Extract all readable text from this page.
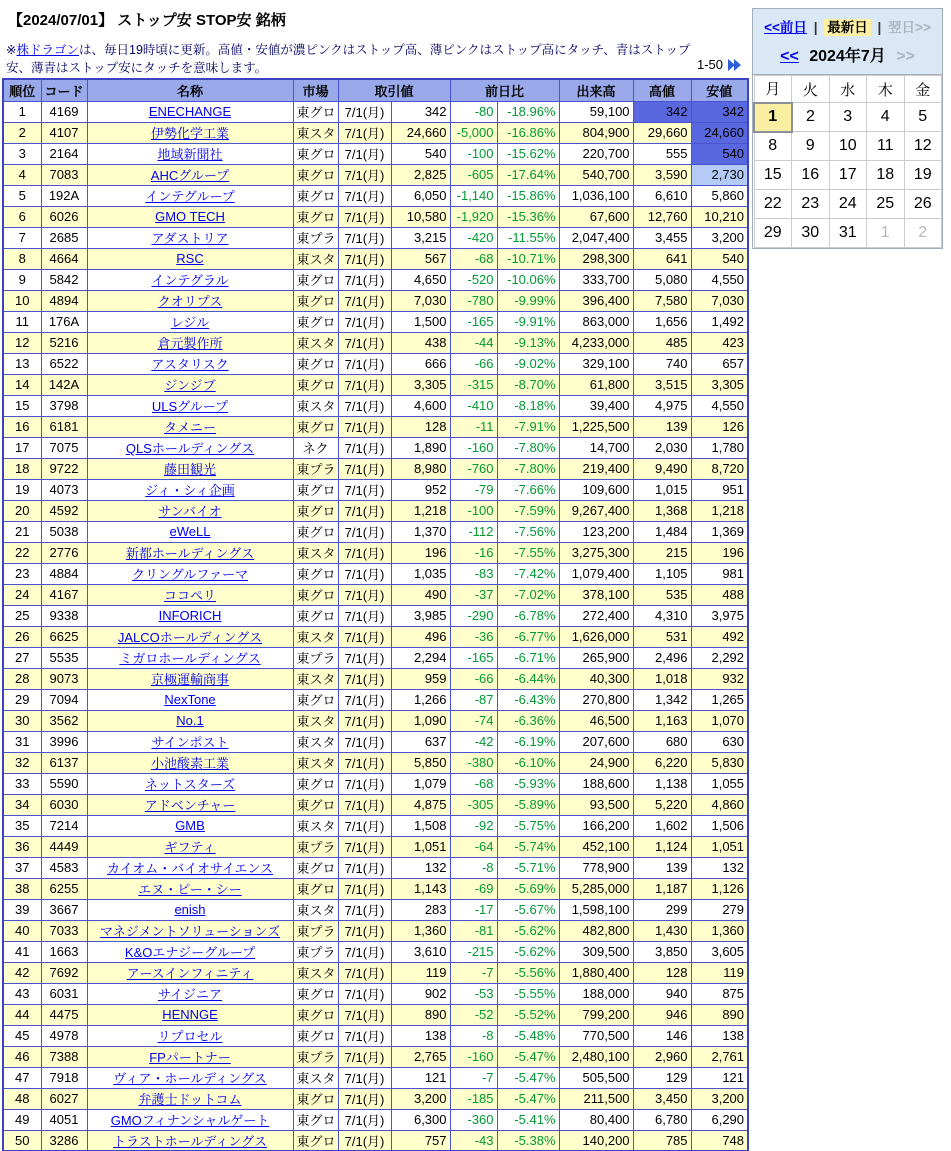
【2024/07/01】 ストップ安 STOP安 銘柄
※株ドラゴンは、毎日19時頃に更新。高値・安値が濃ピンクはストップ高、薄ピンクはストップ高にタッチ、青はストップ安、薄青はストップ安にタッチを意味します。	1-50
順位	コード	名称	市場	取引値		前日比		出来高	高値	安値
1	4169	ENECHANGE	東グロ	7/1(月)	342	-80	-18.96%	59,100	342	342
2	4107	伊勢化学工業	東スタ	7/1(月)	24,660	-5,000	-16.86%	804,900	29,660	24,660
3	2164	地域新聞社	東グロ	7/1(月)	540	-100	-15.62%	220,700	555	540
4	7083	AHCグループ	東グロ	7/1(月)	2,825	-605	-17.64%	540,700	3,590	2,730
5	192A	インテグループ	東グロ	7/1(月)	6,050	-1,140	-15.86%	1,036,100	6,610	5,860
6	6026	GMO TECH	東グロ	7/1(月)	10,580	-1,920	-15.36%	67,600	12,760	10,210
7	2685	アダストリア	東プラ	7/1(月)	3,215	-420	-11.55%	2,047,400	3,455	3,200
8	4664	RSC	東スタ	7/1(月)	567	-68	-10.71%	298,300	641	540
9	5842	インテグラル	東グロ	7/1(月)	4,650	-520	-10.06%	333,700	5,080	4,550
10	4894	クオリプス	東グロ	7/1(月)	7,030	-780	-9.99%	396,400	7,580	7,030
11	176A	レジル	東グロ	7/1(月)	1,500	-165	-9.91%	863,000	1,656	1,492
12	5216	倉元製作所	東スタ	7/1(月)	438	-44	-9.13%	4,233,000	485	423
13	6522	アスタリスク	東グロ	7/1(月)	666	-66	-9.02%	329,100	740	657
14	142A	ジンジブ	東グロ	7/1(月)	3,305	-315	-8.70%	61,800	3,515	3,305
15	3798	ULSグループ	東スタ	7/1(月)	4,600	-410	-8.18%	39,400	4,975	4,550
16	6181	タメニー	東グロ	7/1(月)	128	-11	-7.91%	1,225,500	139	126
17	7075	QLSホールディングス	ネク	7/1(月)	1,890	-160	-7.80%	14,700	2,030	1,780
18	9722	藤田観光	東プラ	7/1(月)	8,980	-760	-7.80%	219,400	9,490	8,720
19	4073	ジィ・シィ企画	東グロ	7/1(月)	952	-79	-7.66%	109,600	1,015	951
20	4592	サンバイオ	東グロ	7/1(月)	1,218	-100	-7.59%	9,267,400	1,368	1,218
21	5038	eWeLL	東グロ	7/1(月)	1,370	-112	-7.56%	123,200	1,484	1,369
22	2776	新都ホールディングス	東スタ	7/1(月)	196	-16	-7.55%	3,275,300	215	196
23	4884	クリングルファーマ	東グロ	7/1(月)	1,035	-83	-7.42%	1,079,400	1,105	981
24	4167	ココペリ	東グロ	7/1(月)	490	-37	-7.02%	378,100	535	488
25	9338	INFORICH	東グロ	7/1(月)	3,985	-290	-6.78%	272,400	4,310	3,975
26	6625	JALCOホールディングス	東スタ	7/1(月)	496	-36	-6.77%	1,626,000	531	492
27	5535	ミガロホールディングス	東プラ	7/1(月)	2,294	-165	-6.71%	265,900	2,496	2,292
28	9073	京極運輸商事	東スタ	7/1(月)	959	-66	-6.44%	40,300	1,018	932
29	7094	NexTone	東グロ	7/1(月)	1,266	-87	-6.43%	270,800	1,342	1,265
30	3562	No.1	東スタ	7/1(月)	1,090	-74	-6.36%	46,500	1,163	1,070
31	3996	サインポスト	東スタ	7/1(月)	637	-42	-6.19%	207,600	680	630
32	6137	小池酸素工業	東スタ	7/1(月)	5,850	-380	-6.10%	24,900	6,220	5,830
33	5590	ネットスターズ	東グロ	7/1(月)	1,079	-68	-5.93%	188,600	1,138	1,055
34	6030	アドベンチャー	東グロ	7/1(月)	4,875	-305	-5.89%	93,500	5,220	4,860
35	7214	GMB	東スタ	7/1(月)	1,508	-92	-5.75%	166,200	1,602	1,506
36	4449	ギフティ	東プラ	7/1(月)	1,051	-64	-5.74%	452,100	1,124	1,051
37	4583	カイオム・バイオサイエンス	東グロ	7/1(月)	132	-8	-5.71%	778,900	139	132
38	6255	エヌ・ピー・シー	東グロ	7/1(月)	1,143	-69	-5.69%	5,285,000	1,187	1,126
39	3667	enish	東スタ	7/1(月)	283	-17	-5.67%	1,598,100	299	279
40	7033	マネジメントソリューションズ	東プラ	7/1(月)	1,360	-81	-5.62%	482,800	1,430	1,360
41	1663	K&Oエナジーグループ	東プラ	7/1(月)	3,610	-215	-5.62%	309,500	3,850	3,605
42	7692	アースインフィニティ	東スタ	7/1(月)	119	-7	-5.56%	1,880,400	128	119
43	6031	サイジニア	東グロ	7/1(月)	902	-53	-5.55%	188,000	940	875
44	4475	HENNGE	東グロ	7/1(月)	890	-52	-5.52%	799,200	946	890
45	4978	リプロセル	東グロ	7/1(月)	138	-8	-5.48%	770,500	146	138
46	7388	FPパートナー	東プラ	7/1(月)	2,765	-160	-5.47%	2,480,100	2,960	2,761
47	7918	ヴィア・ホールディングス	東スタ	7/1(月)	121	-7	-5.47%	505,500	129	121
48	6027	弁護士ドットコム	東グロ	7/1(月)	3,200	-185	-5.47%	211,500	3,450	3,200
49	4051	GMOフィナンシャルゲート	東グロ	7/1(月)	6,300	-360	-5.41%	80,400	6,780	6,290
50	3286	トラストホールディングス	東グロ	7/1(月)	757	-43	-5.38%	140,200	785	748
<<前日 | 最新日 | 翌日>>
<< 2024年7月 >>
月	火	水	木	金
1	2	3	4	5
8	9	10	11	12
15	16	17	18	19
22	23	24	25	26
29	30	31	1	2
